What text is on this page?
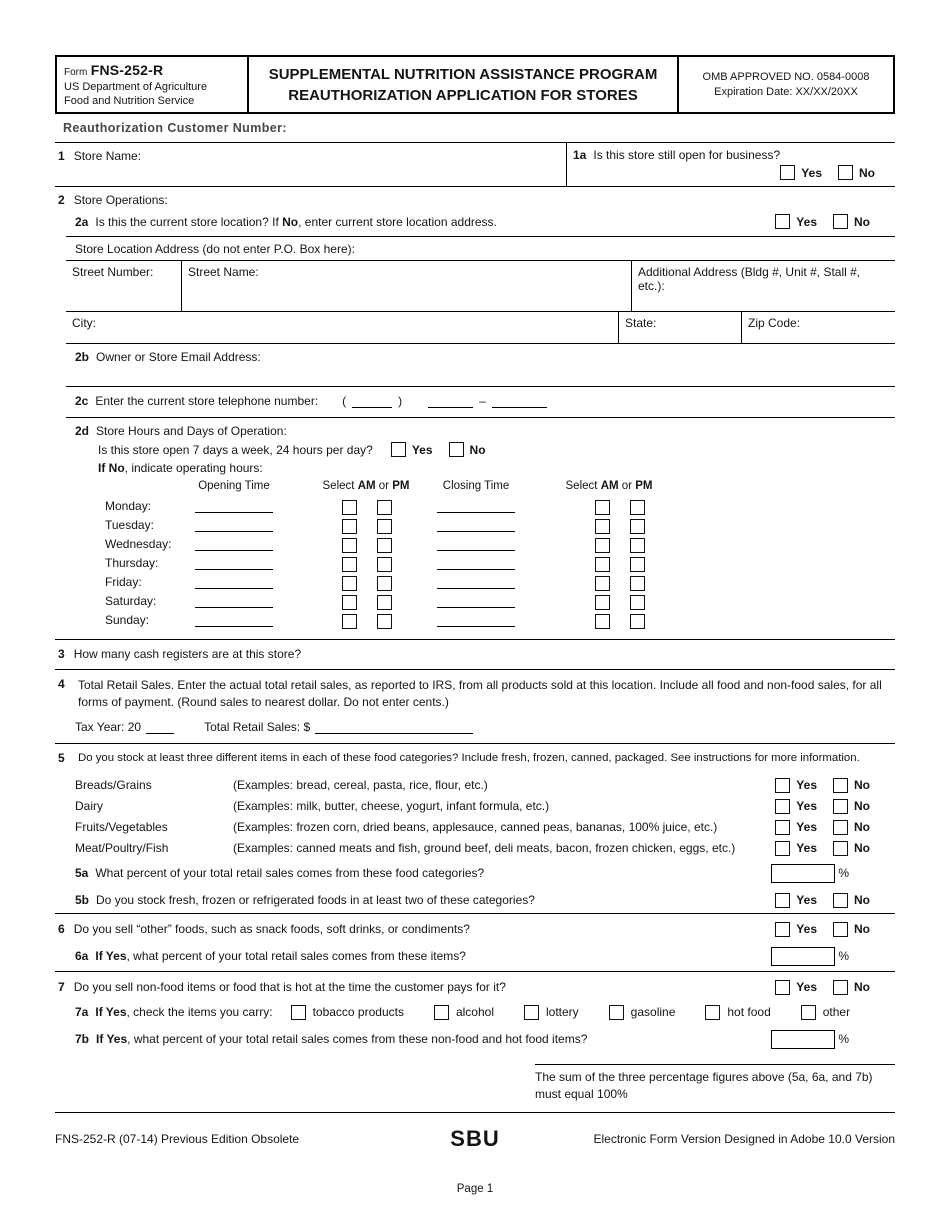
Form FNS-252-R
US Department of Agriculture
Food and Nutrition Service
SUPPLEMENTAL NUTRITION ASSISTANCE PROGRAM
REAUTHORIZATION APPLICATION FOR STORES
OMB APPROVED NO. 0584-0008
Expiration Date: XX/XX/20XX
Reauthorization Customer Number:
1 Store Name:	1a Is this store still open for business?
Yes	No
2 Store Operations:
2a Is this the current store location? If No, enter current store location address.	Yes	No
Store Location Address (do not enter P.O. Box here):
Street Number:	Street Name:	Additional Address (Bldg #, Unit #, Stall #, etc.):
City:	State:	Zip Code:
2b Owner or Store Email Address:
2c Enter the current store telephone number: (	)	–
2d Store Hours and Days of Operation:
Is this store open 7 days a week, 24 hours per day?	Yes	No
If No , indicate operating hours:
Opening Time	Select AM or PM	Closing Time	Select AM or PM
Monday:
Tuesday:
Wednesday:
Thursday:
Friday:
Saturday:
Sunday:
3 How many cash registers are at this store?
4	Total Retail Sales. Enter the actual total retail sales, as reported to IRS, from all products sold at this location. Include all food and non-food sales, for all forms of payment. (Round sales to nearest dollar. Do not enter cents.)
Tax Year: 20	Total Retail Sales: $
5	Do you stock at least three different items in each of these food categories? Include fresh, frozen, canned, packaged. See instructions for more information.
Breads/Grains	(Examples: bread, cereal, pasta, rice, flour, etc.)	Yes	No
Dairy	(Examples: milk, butter, cheese, yogurt, infant formula, etc.)	Yes	No
Fruits/Vegetables	(Examples: frozen corn, dried beans, applesauce, canned peas, bananas, 100% juice, etc.)	Yes	No
Meat/Poultry/Fish	(Examples: canned meats and fish, ground beef, deli meats, bacon, frozen chicken, eggs, etc.)	Yes	No
5a What percent of your total retail sales comes from these food categories?	%
5b Do you stock fresh, frozen or refrigerated foods in at least two of these categories?	Yes	No
6 Do you sell “other” foods, such as snack foods, soft drinks, or condiments?	Yes	No
6a If Yes, what percent of your total retail sales comes from these items?	%
7 Do you sell non-food items or food that is hot at the time the customer pays for it?	Yes	No
7a If Yes, check the items you carry:	tobacco products	alcohol	lottery	gasoline	hot food	other
7b If Yes, what percent of your total retail sales comes from these non-food and hot food items?	%
The sum of the three percentage figures above (5a, 6a, and 7b) must equal 100%
FNS-252-R (07-14) Previous Edition Obsolete	SBU	Electronic Form Version Designed in Adobe 10.0 Version
Page 1
